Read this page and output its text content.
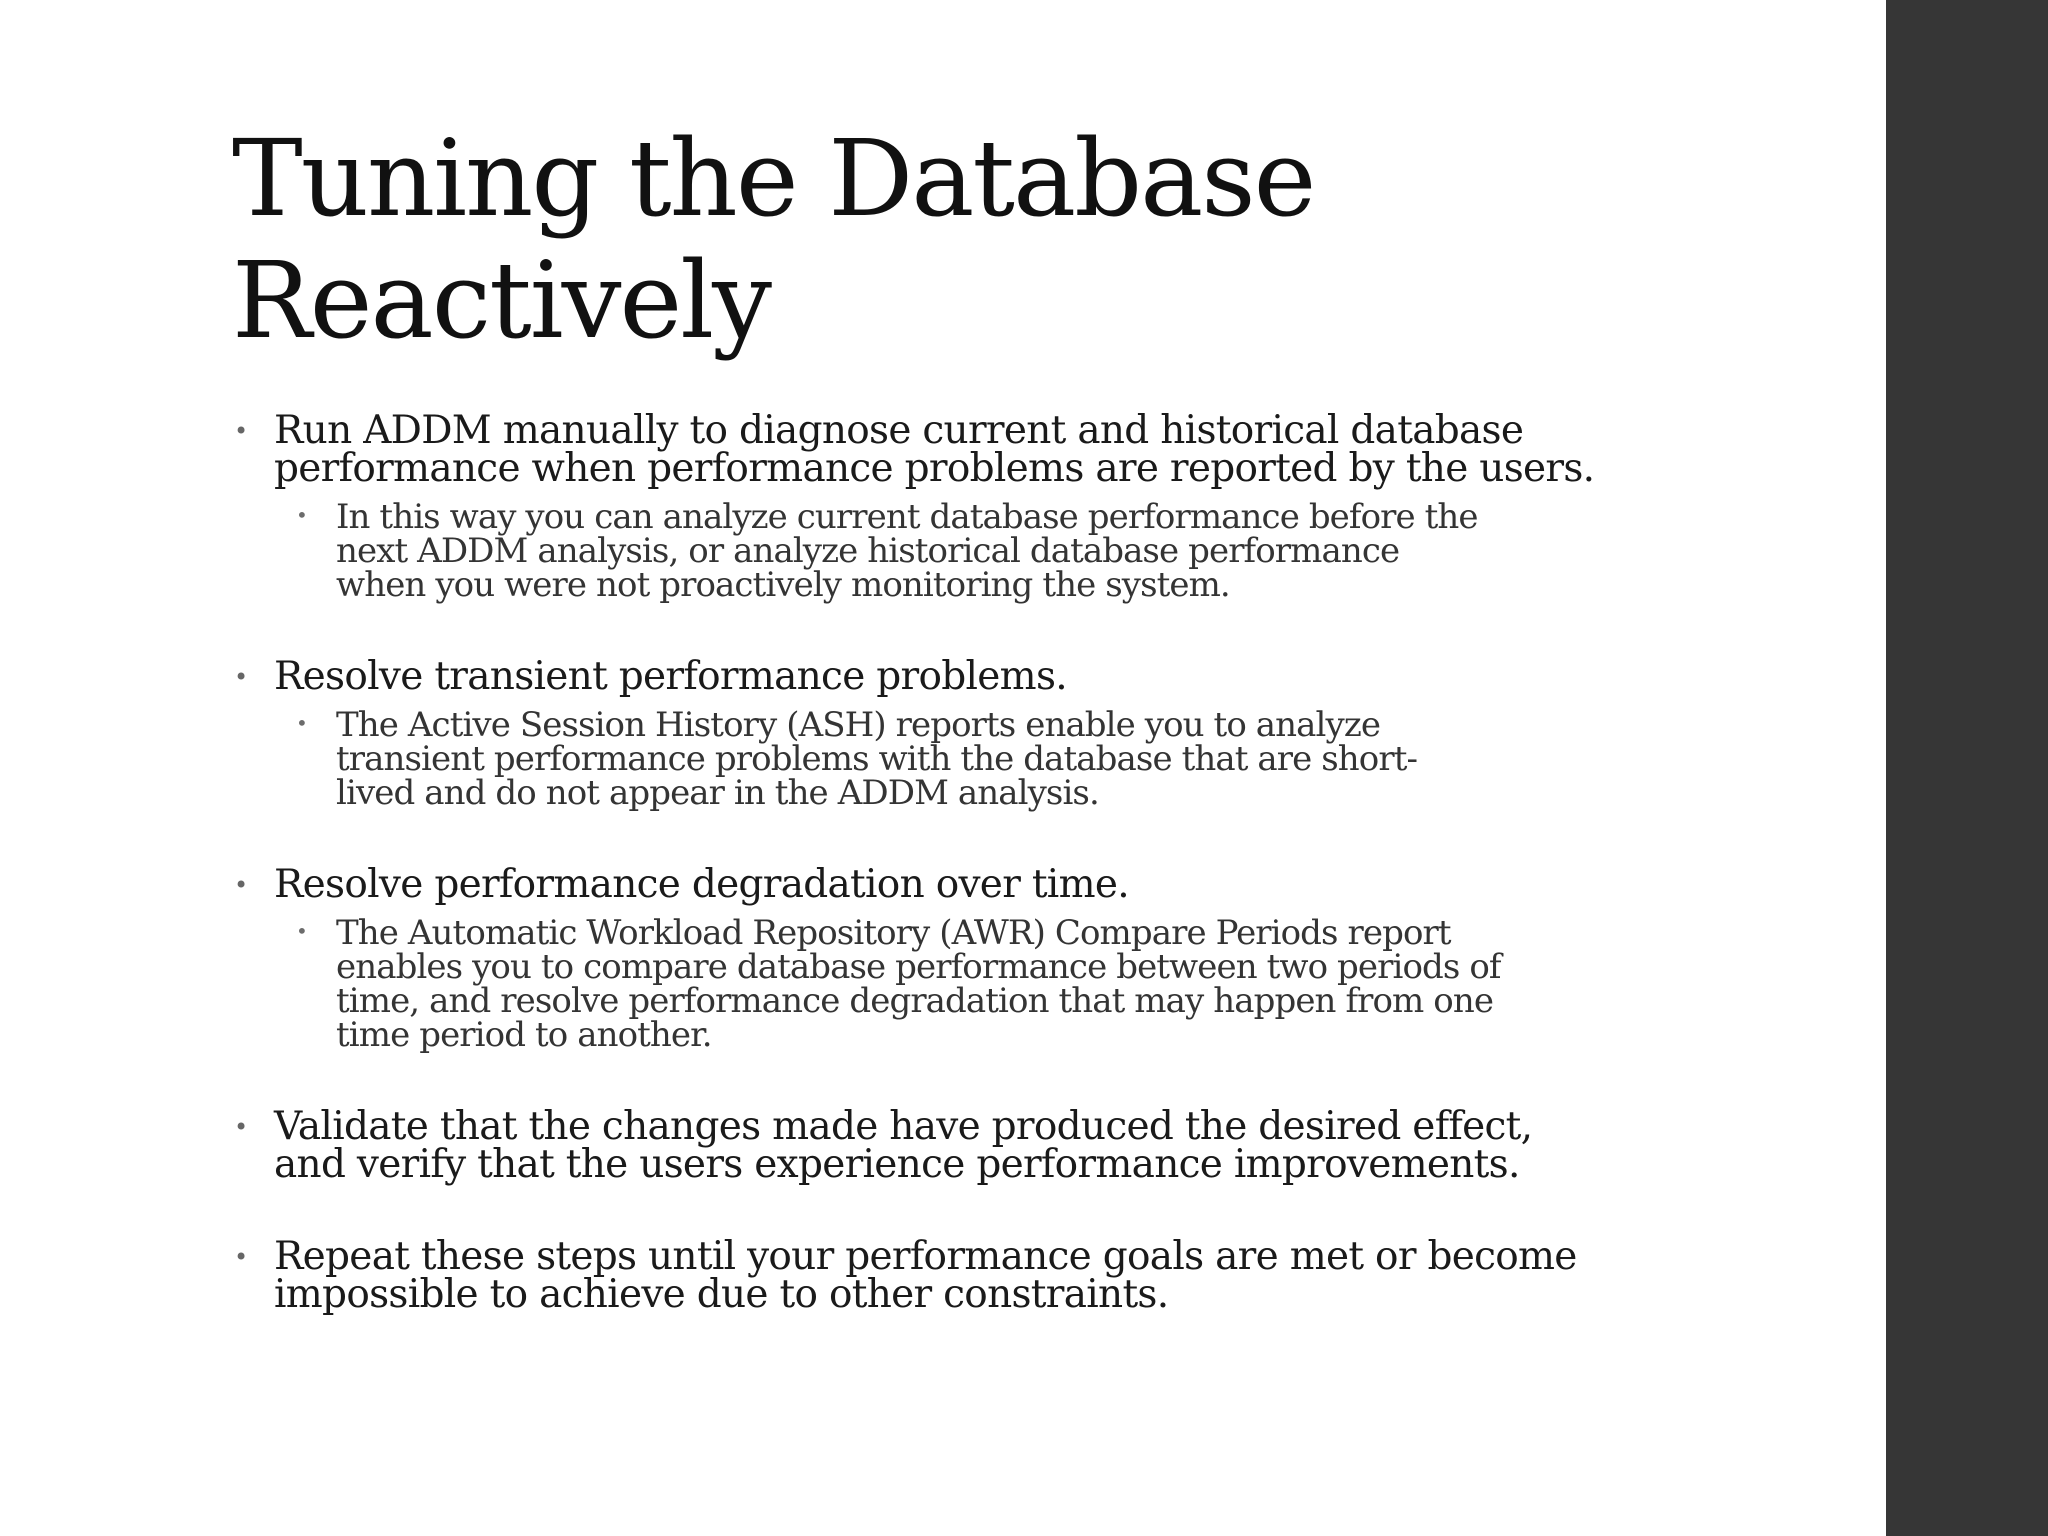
Tuning the Database
Reactively
• Run ADDM manually to diagnose current and historical database
performance when performance problems are reported by the users.
• In this way you can analyze current database performance before the
next ADDM analysis, or analyze historical database performance
when you were not proactively monitoring the system.
• Resolve transient performance problems.
• The Active Session History (ASH) reports enable you to analyze
transient performance problems with the database that are short-
lived and do not appear in the ADDM analysis.
• Resolve performance degradation over time.
• The Automatic Workload Repository (AWR) Compare Periods report
enables you to compare database performance between two periods of
time, and resolve performance degradation that may happen from one
time period to another.
• Validate that the changes made have produced the desired effect,
and verify that the users experience performance improvements.
• Repeat these steps until your performance goals are met or become
impossible to achieve due to other constraints.
